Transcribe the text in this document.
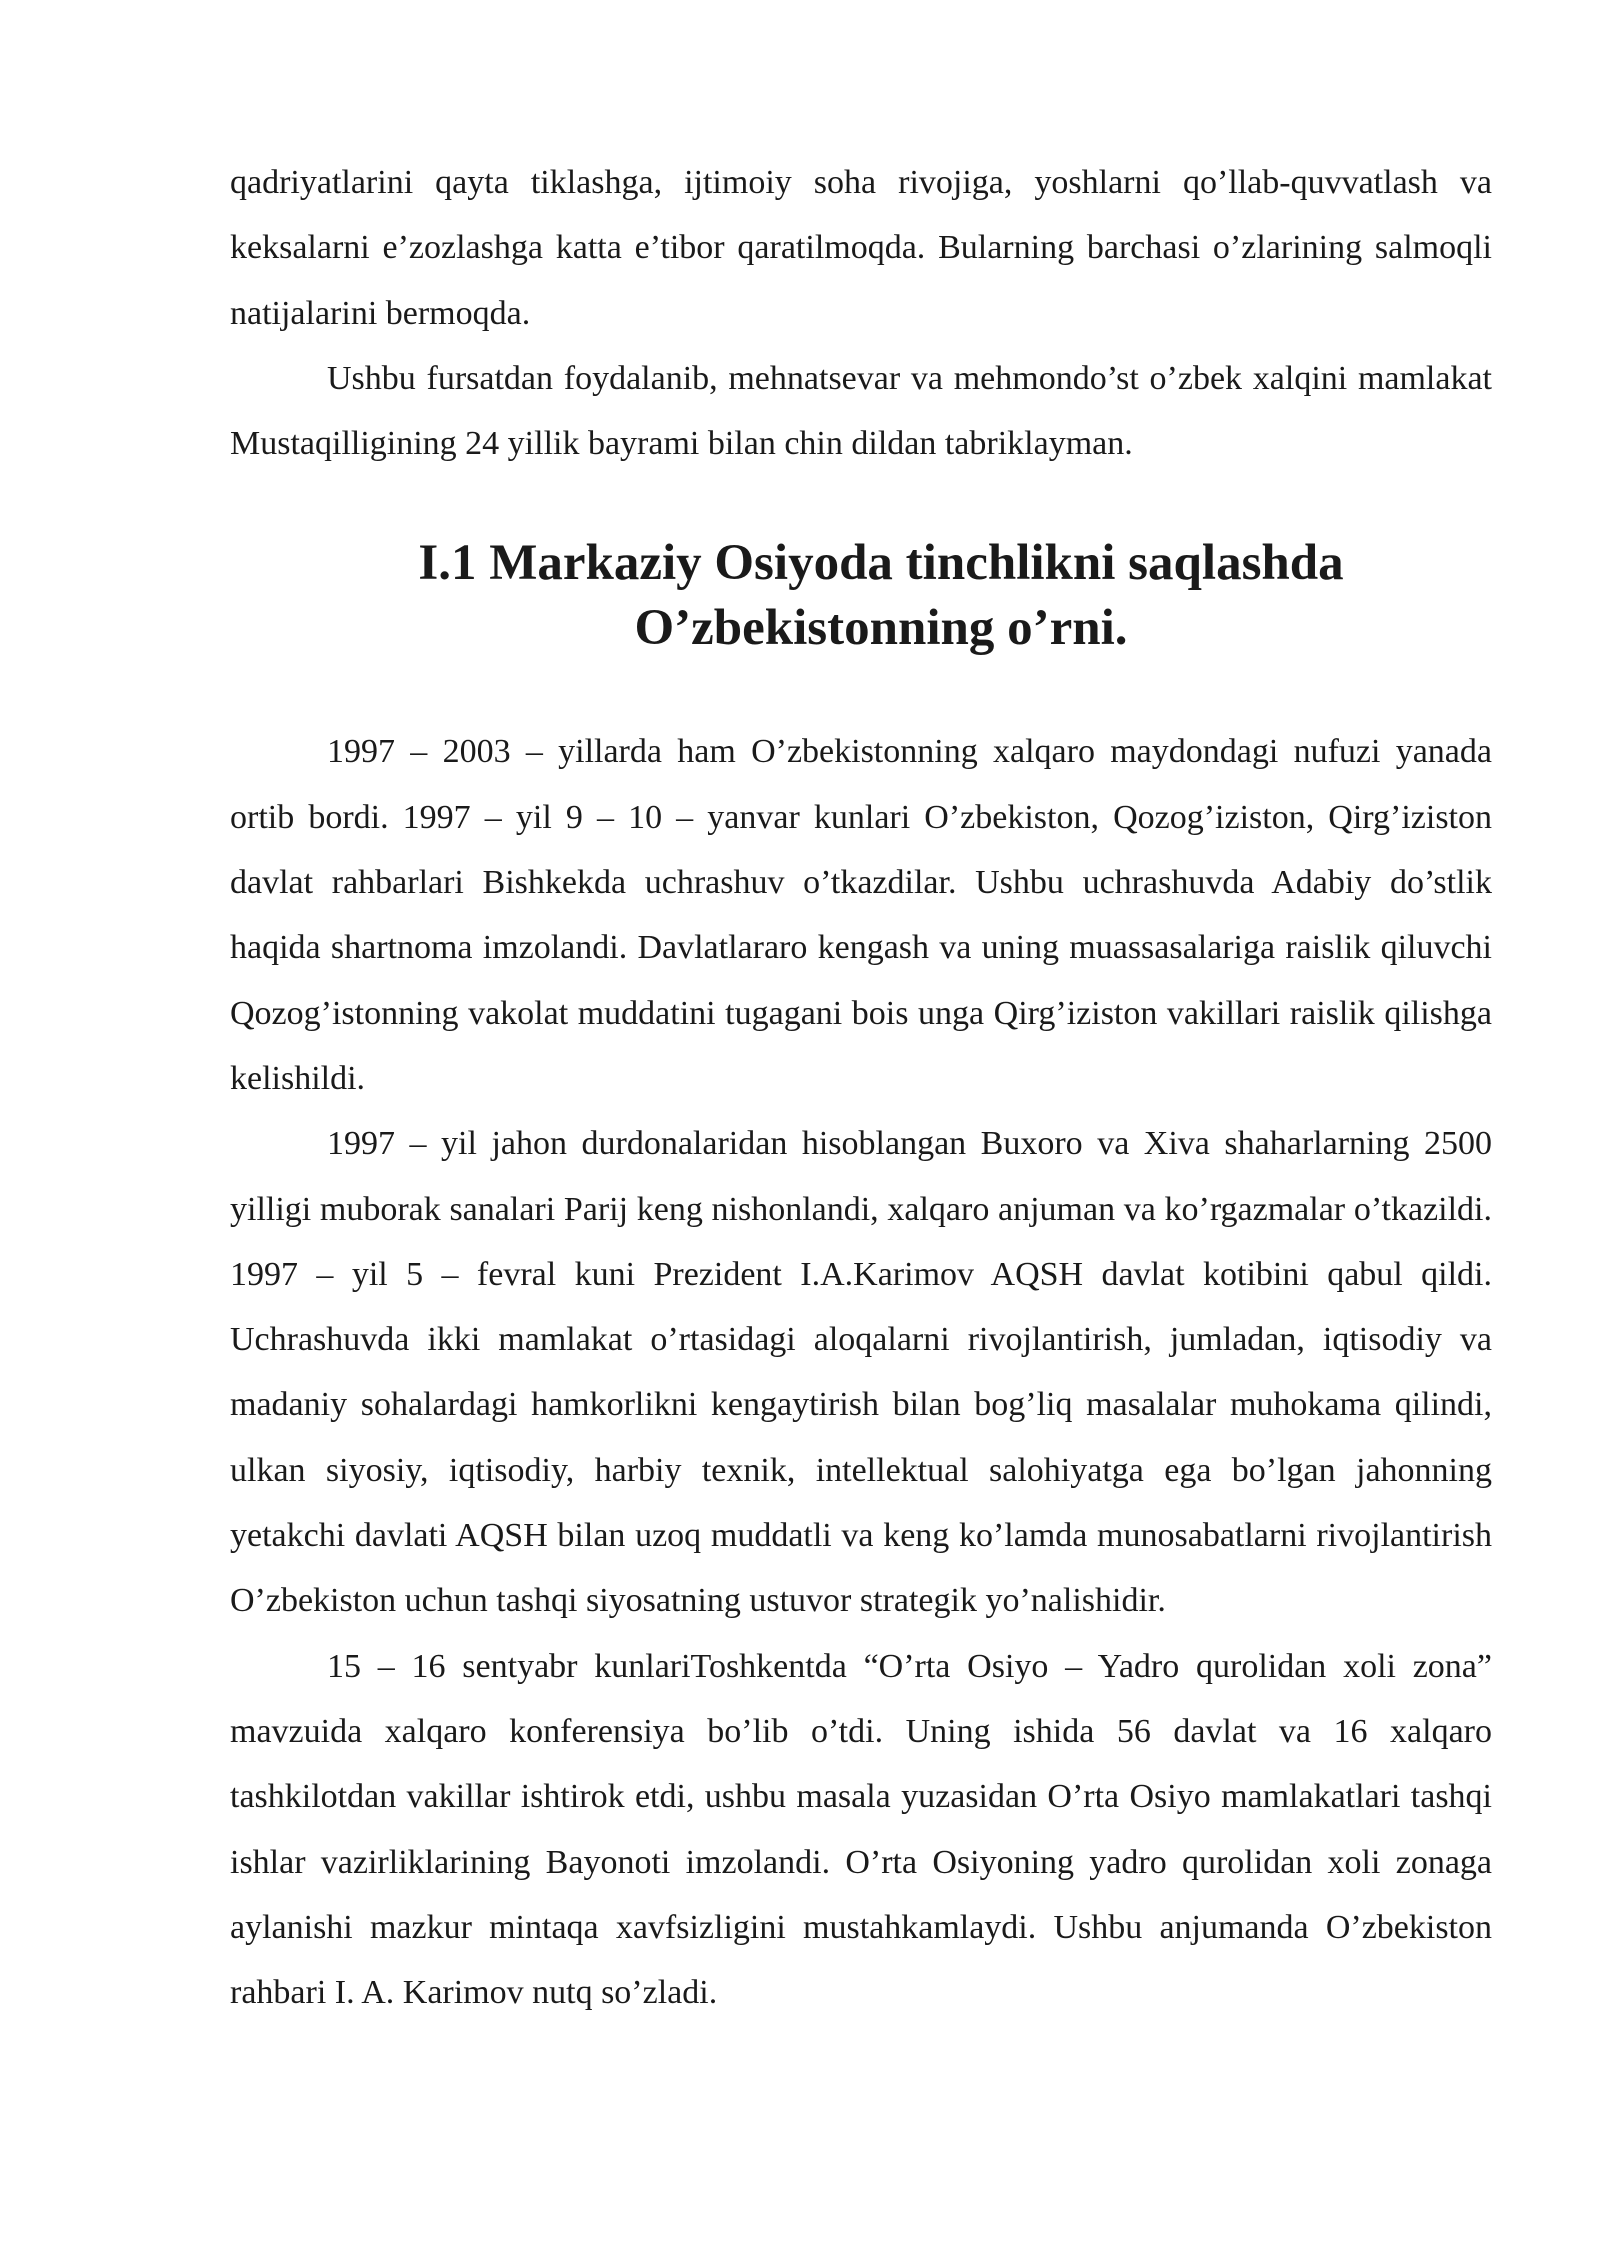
qadriyatlarini qayta tiklashga, ijtimoiy soha rivojiga, yoshlarni qo’llab-quvvatlash va keksalarni e’zozlashga katta e’tibor qaratilmoqda. Bularning barchasi o’zlarining salmoqli natijalarini bermoqda.

Ushbu fursatdan foydalanib, mehnatsevar va mehmondo’st o’zbek xalqini mamlakat Mustaqilligining 24 yillik bayrami bilan chin dildan tabriklayman.

I.1 Markaziy Osiyoda tinchlikni saqlashda O’zbekistonning o’rni.

1997 – 2003 – yillarda ham O’zbekistonning xalqaro maydondagi nufuzi yanada ortib bordi. 1997 – yil 9 – 10 – yanvar kunlari O’zbekiston, Qozog’iziston, Qirg’iziston davlat rahbarlari Bishkekda uchrashuv o’tkazdilar. Ushbu uchrashuvda Adabiy do’stlik haqida shartnoma imzolandi. Davlatlararo kengash va uning muassasalariga raislik qiluvchi Qozog’istonning vakolat muddatini tugagani bois unga Qirg’iziston vakillari raislik qilishga kelishildi.

1997 – yil jahon durdonalaridan hisoblangan Buxoro va Xiva shaharlarning 2500 yilligi muborak sanalari Parij keng nishonlandi, xalqaro anjuman va ko’rgazmalar o’tkazildi. 1997 – yil 5 – fevral kuni Prezident I.A.Karimov AQSH davlat kotibini qabul qildi. Uchrashuvda ikki mamlakat o’rtasidagi aloqalarni rivojlantirish, jumladan, iqtisodiy va madaniy sohalardagi hamkorlikni kengaytirish bilan bog’liq masalalar muhokama qilindi, ulkan siyosiy, iqtisodiy, harbiy texnik, intellektual salohiyatga ega bo’lgan jahonning yetakchi davlati AQSH bilan uzoq muddatli va keng ko’lamda munosabatlarni rivojlantirish O’zbekiston uchun tashqi siyosatning ustuvor strategik yo’nalishidir.

15 – 16 sentyabr kunlariToshkentda “O’rta Osiyo – Yadro qurolidan xoli zona” mavzuida xalqaro konferensiya bo’lib o’tdi. Uning ishida 56 davlat va 16 xalqaro tashkilotdan vakillar ishtirok etdi, ushbu masala yuzasidan O’rta Osiyo mamlakatlari tashqi ishlar vazirliklarining Bayonoti imzolandi. O’rta Osiyoning yadro qurolidan xoli zonaga aylanishi mazkur mintaqa xavfsizligini mustahkamlaydi. Ushbu anjumanda O’zbekiston rahbari I. A. Karimov nutq so’zladi.
